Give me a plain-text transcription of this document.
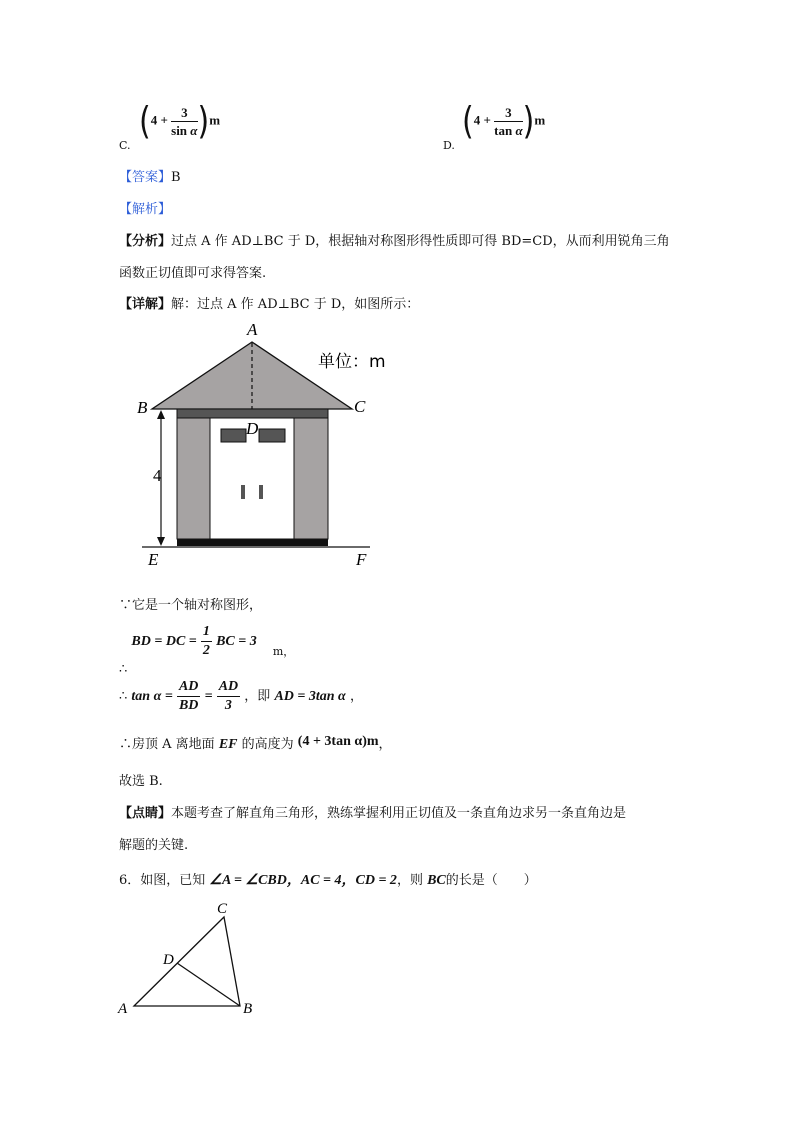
C.
$(4 + \frac{3}{\text{sin α}} )m$
D.
$(4 + \frac{3}{\text{tan α}} )m$
【答案】B
【解析】
【分析】过点 A 作 AD⊥BC 于 D，根据轴对称图形得性质即可得 BD=CD，从而利用锐角三角
函数正切值即可求得答案.
【详解】解：过点 A 作 AD⊥BC 于 D，如图所示：
A
B	C
D
E	F
4
单位：m
∵它是一个轴对称图形，
∴ BD = DC = $\frac{1}{2}$ BC = 3 $_{m,}$
∴ $\tan \alpha = \frac{AD}{BD} = \frac{AD}{3}$ ，即 AD = 3tan α ，
∴房顶 A 离地面 EF 的高度为 (4 + 3tan α)m，
故选 B.
【点睛】本题考查了解直角三角形，熟练掌握利用正切值及一条直角边求另一条直角边是
解题的关键.
6．如图，已知 ∠A = ∠CBD，AC = 4，CD = 2，则 BC的长是（　　）
A	B
C
D
